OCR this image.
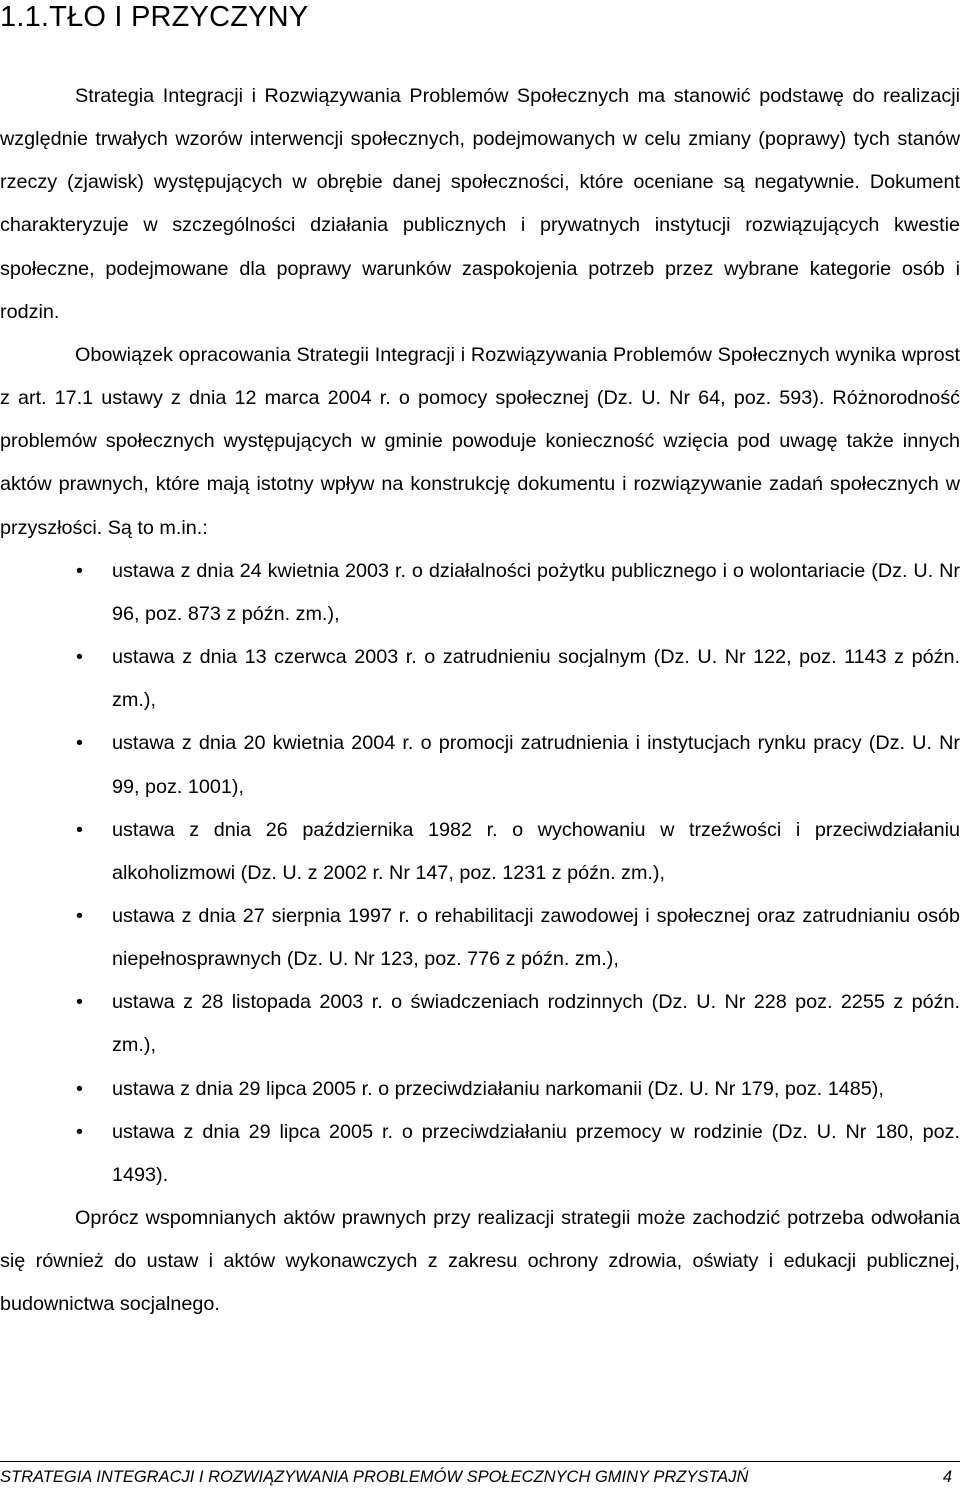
1.1.TŁO I PRZYCZYNY

Strategia Integracji i Rozwiązywania Problemów Społecznych ma stanowić podstawę do realizacji względnie trwałych wzorów interwencji społecznych, podejmowanych w celu zmiany (poprawy) tych stanów rzeczy (zjawisk) występujących w obrębie danej społeczności, które oceniane są negatywnie. Dokument charakteryzuje w szczególności działania publicznych i prywatnych instytucji rozwiązujących kwestie społeczne, podejmowane dla poprawy warunków zaspokojenia potrzeb przez wybrane kategorie osób i rodzin.

Obowiązek opracowania Strategii Integracji i Rozwiązywania Problemów Społecznych wynika wprost z art. 17.1 ustawy z dnia 12 marca 2004 r. o pomocy społecznej (Dz. U. Nr 64, poz. 593). Różnorodność problemów społecznych występujących w gminie powoduje konieczność wzięcia pod uwagę także innych aktów prawnych, które mają istotny wpływ na konstrukcję dokumentu i rozwiązywanie zadań społecznych w przyszłości. Są to m.in.:

• ustawa z dnia 24 kwietnia 2003 r. o działalności pożytku publicznego i o wolontariacie (Dz. U. Nr 96, poz. 873 z późn. zm.),
• ustawa z dnia 13 czerwca 2003 r. o zatrudnieniu socjalnym (Dz. U. Nr 122, poz. 1143 z późn. zm.),
• ustawa z dnia 20 kwietnia 2004 r. o promocji zatrudnienia i instytucjach rynku pracy (Dz. U. Nr 99, poz. 1001),
• ustawa z dnia 26 października 1982 r. o wychowaniu w trzeźwości i przeciwdziałaniu alkoholizmowi (Dz. U. z 2002 r. Nr 147, poz. 1231 z późn. zm.),
• ustawa z dnia 27 sierpnia 1997 r. o rehabilitacji zawodowej i społecznej oraz zatrudnianiu osób niepełnosprawnych (Dz. U. Nr 123, poz. 776 z późn. zm.),
• ustawa z 28 listopada 2003 r. o świadczeniach rodzinnych (Dz. U. Nr 228 poz. 2255 z późn. zm.),
• ustawa z dnia 29 lipca 2005 r. o przeciwdziałaniu narkomanii (Dz. U. Nr 179, poz. 1485),
• ustawa z dnia 29 lipca 2005 r. o przeciwdziałaniu przemocy w rodzinie (Dz. U. Nr 180, poz. 1493).

Oprócz wspomnianych aktów prawnych przy realizacji strategii może zachodzić potrzeba odwołania się również do ustaw i aktów wykonawczych z zakresu ochrony zdrowia, oświaty i edukacji publicznej, budownictwa socjalnego.

STRATEGIA INTEGRACJI I ROZWIĄZYWANIA PROBLEMÓW SPOŁECZNYCH GMINY PRZYSTAJŃ	4
